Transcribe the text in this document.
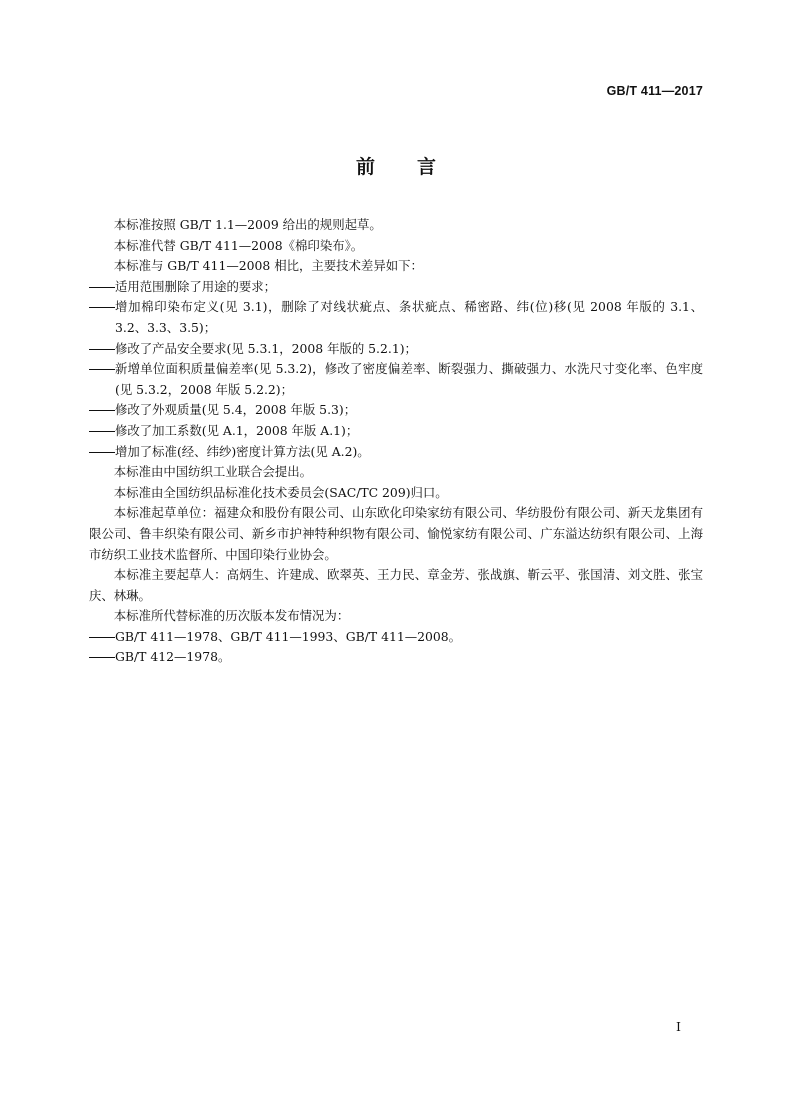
GB/T 411—2017
前 言

本标准按照 GB/T 1.1—2009 给出的规则起草。

本标准代替 GB/T 411—2008《棉印染布》。

本标准与 GB/T 411—2008 相比，主要技术差异如下：

适用范围删除了用途的要求；
增加棉印染布定义(见 3.1)，删除了对线状疵点、条状疵点、稀密路、纬(位)移(见 2008 年版的 3.1、3.2、3.3、3.5)；
修改了产品安全要求(见 5.3.1，2008 年版的 5.2.1)；
新增单位面积质量偏差率(见 5.3.2)，修改了密度偏差率、断裂强力、撕破强力、水洗尺寸变化率、色牢度(见 5.3.2，2008 年版 5.2.2)；
修改了外观质量(见 5.4，2008 年版 5.3)；
修改了加工系数(见 A.1，2008 年版 A.1)；
增加了标准(经、纬纱)密度计算方法(见 A.2)。

本标准由中国纺织工业联合会提出。

本标准由全国纺织品标准化技术委员会(SAC/TC 209)归口。

本标准起草单位：福建众和股份有限公司、山东欧化印染家纺有限公司、华纺股份有限公司、新天龙集团有限公司、鲁丰织染有限公司、新乡市护神特种织物有限公司、愉悦家纺有限公司、广东溢达纺织有限公司、上海市纺织工业技术监督所、中国印染行业协会。

本标准主要起草人：高炳生、许建成、欧翠英、王力民、章金芳、张战旗、靳云平、张国清、刘文胜、张宝庆、林琳。

本标准所代替标准的历次版本发布情况为：

GB/T 411—1978、GB/T 411—1993、GB/T 411—2008。
GB/T 412—1978。
I
